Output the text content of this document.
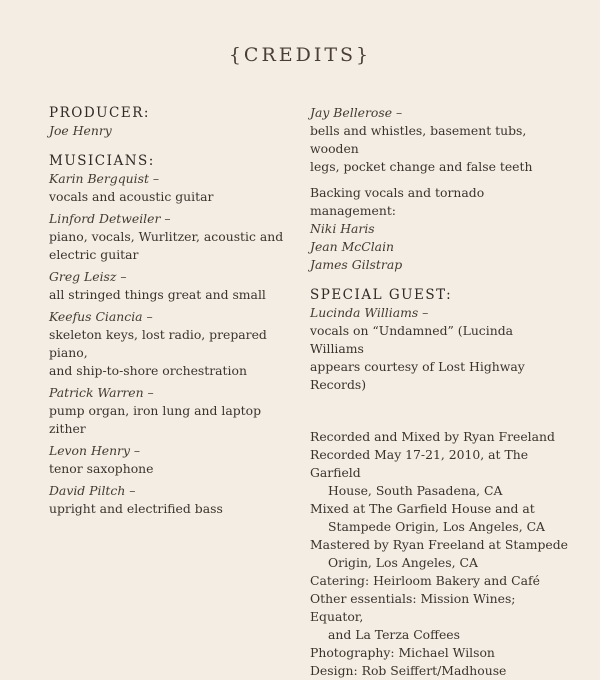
{CREDITS}
PRODUCER:
Joe Henry
MUSICIANS:
Karin Bergquist –
vocals and acoustic guitar
Linford Detweiler –
piano, vocals, Wurlitzer, acoustic and
electric guitar
Greg Leisz –
all stringed things great and small
Keefus Ciancia –
skeleton keys, lost radio, prepared piano,
and ship-to-shore orchestration
Patrick Warren –
pump organ, iron lung and laptop zither
Levon Henry –
tenor saxophone
David Piltch –
upright and electrified bass
Jay Bellerose –
bells and whistles, basement tubs, wooden
legs, pocket change and false teeth
Backing vocals and tornado management:
Niki Haris
Jean McClain
James Gilstrap
SPECIAL GUEST:
Lucinda Williams –
vocals on “Undamned” (Lucinda Williams
appears courtesy of Lost Highway Records)
Recorded and Mixed by Ryan Freeland
Recorded May 17-21, 2010, at The Garfield
House, South Pasadena, CA
Mixed at The Garfield House and at
Stampede Origin, Los Angeles, CA
Mastered by Ryan Freeland at Stampede
Origin, Los Angeles, CA
Catering: Heirloom Bakery and Café
Other essentials: Mission Wines; Equator,
and La Terza Coffees
Photography: Michael Wilson
Design: Rob Seiffert/Madhouse
